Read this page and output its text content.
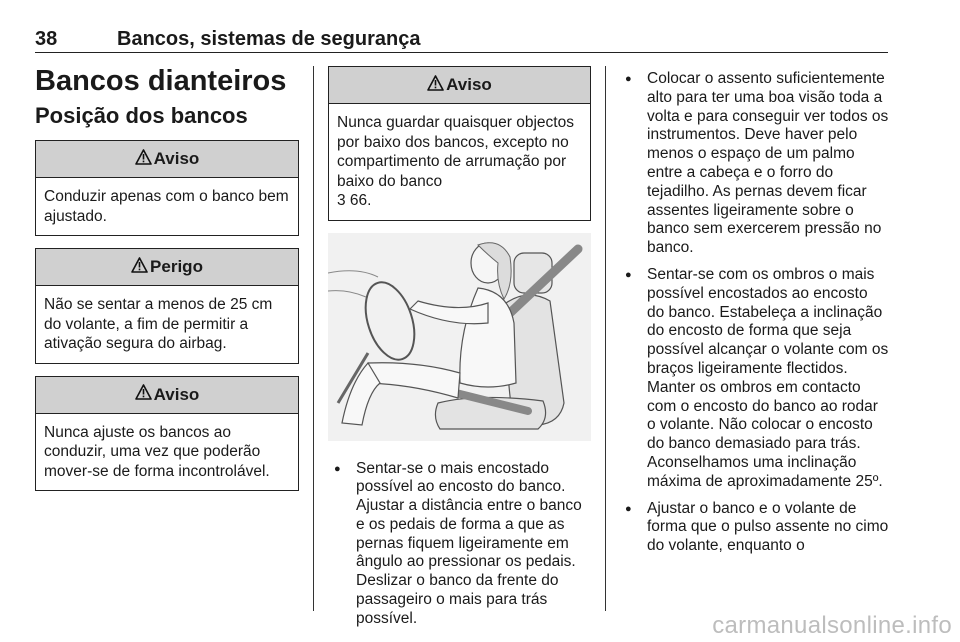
38	Bancos, sistemas de segurança
Bancos dianteiros
Posição dos bancos
Aviso
Conduzir apenas com o banco bem ajustado.
Perigo
Não se sentar a menos de 25 cm do volante, a fim de permitir a ativação segura do airbag.
Aviso
Nunca ajuste os bancos ao conduzir, uma vez que poderão mover-se de forma incontrolável.
Aviso
Nunca guardar quaisquer objectos por baixo dos bancos, excepto no compartimento de arrumação por baixo do banco
3 66.
● Sentar-se o mais encostado possível ao encosto do banco. Ajustar a distância entre o banco e os pedais de forma a que as pernas fiquem ligeiramente em ângulo ao pressionar os pedais. Deslizar o banco da frente do passageiro o mais para trás possível.
● Colocar o assento suficientemente alto para ter uma boa visão toda a volta e para conseguir ver todos os instrumentos. Deve haver pelo menos o espaço de um palmo entre a cabeça e o forro do tejadilho. As pernas devem ficar assentes ligeiramente sobre o banco sem exercerem pressão no banco.
● Sentar-se com os ombros o mais possível encostados ao encosto do banco. Estabeleça a inclinação do encosto de forma que seja possível alcançar o volante com os braços ligeiramente flectidos. Manter os ombros em contacto com o encosto do banco ao rodar o volante. Não colocar o encosto do banco demasiado para trás. Aconselhamos uma inclinação máxima de aproximadamente 25º.
● Ajustar o banco e o volante de forma que o pulso assente no cimo do volante, enquanto o
carmanualsonline.info
